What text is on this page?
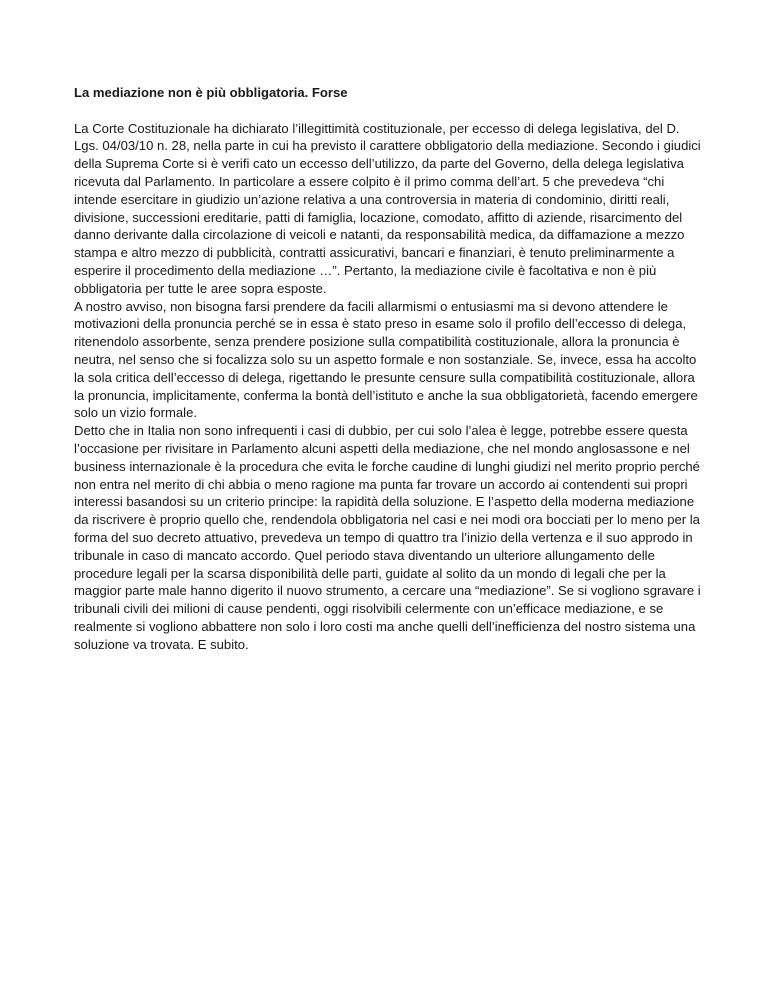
La mediazione non è più obbligatoria. Forse

La Corte Costituzionale ha dichiarato l’illegittimità costituzionale, per eccesso di delega legislativa, del D. Lgs. 04/03/10 n. 28, nella parte in cui ha previsto il carattere obbligatorio della mediazione. Secondo i giudici della Suprema Corte si è verifi cato un eccesso dell’utilizzo, da parte del Governo, della delega legislativa ricevuta dal Parlamento. In particolare a essere colpito è il primo comma dell’art. 5 che prevedeva “chi intende esercitare in giudizio un’azione relativa a una controversia in materia di condominio, diritti reali, divisione, successioni ereditarie, patti di famiglia, locazione, comodato, affitto di aziende, risarcimento del danno derivante dalla circolazione di veicoli e natanti, da responsabilità medica, da diffamazione a mezzo stampa e altro mezzo di pubblicità, contratti assicurativi, bancari e finanziari, è tenuto preliminarmente a esperire il procedimento della mediazione …”. Pertanto, la mediazione civile è facoltativa e non è più obbligatoria per tutte le aree sopra esposte.

A nostro avviso, non bisogna farsi prendere da facili allarmismi o entusiasmi ma si devono attendere le motivazioni della pronuncia perché se in essa è stato preso in esame solo il profilo dell’eccesso di delega, ritenendolo assorbente, senza prendere posizione sulla compatibilità costituzionale, allora la pronuncia è neutra, nel senso che si focalizza solo su un aspetto formale e non sostanziale. Se, invece, essa ha accolto la sola critica dell’eccesso di delega, rigettando le presunte censure sulla compatibilità costituzionale, allora la pronuncia, implicitamente, conferma la bontà dell’istituto e anche la sua obbligatorietà, facendo emergere solo un vizio formale.

Detto che in Italia non sono infrequenti i casi di dubbio, per cui solo l’alea è legge, potrebbe essere questa l’occasione per rivisitare in Parlamento alcuni aspetti della mediazione, che nel mondo anglosassone e nel business internazionale è la procedura che evita le forche caudine di lunghi giudizi nel merito proprio perché non entra nel merito di chi abbia o meno ragione ma punta far trovare un accordo ai contendenti sui propri interessi basandosi su un criterio principe: la rapidità della soluzione. E l’aspetto della moderna mediazione da riscrivere è proprio quello che, rendendola obbligatoria nel casi e nei modi ora bocciati per lo meno per la forma del suo decreto attuativo, prevedeva un tempo di quattro tra l’inizio della vertenza e il suo approdo in tribunale in caso di mancato accordo. Quel periodo stava diventando un ulteriore allungamento delle procedure legali per la scarsa disponibilità delle parti, guidate al solito da un mondo di legali che per la maggior parte male hanno digerito il nuovo strumento, a cercare una “mediazione”. Se si vogliono sgravare i tribunali civili dei milioni di cause pendenti, oggi risolvibili celermente con un’efficace mediazione, e se realmente si vogliono abbattere non solo i loro costi ma anche quelli dell’inefficienza del nostro sistema una soluzione va trovata. E subito.
